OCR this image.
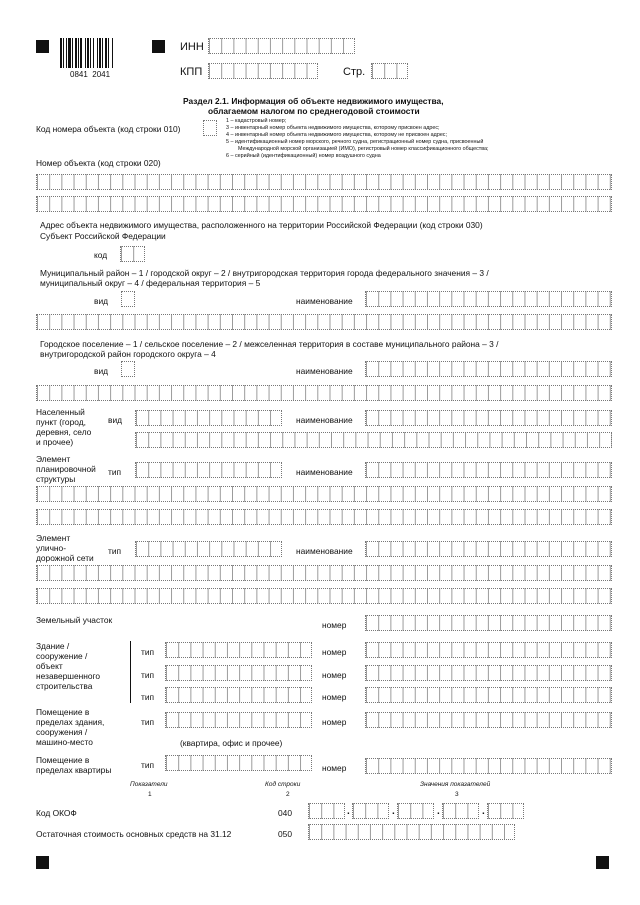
0841  2041
ИНН
КПП	Стр.
Раздел 2.1. Информация об объекте недвижимого имущества,
облагаемом налогом по среднегодовой стоимости
Код номера объекта (код строки 010)
1 – кадастровый номер;
3 – инвентарный номер объекта недвижимого имущества, которому присвоен адрес;
4 – инвентарный номер объекта недвижимого имущества, которому не присвоен адрес;
5 – идентификационный номер морского, речного судна, регистрационный номер судна, присвоенный
Международной морской организацией (ИМО), регистровый номер классификационного общества;
6 – серийный (идентификационный) номер воздушного судна
Номер объекта (код строки 020)
Адрес объекта недвижимого имущества, расположенного на территории Российской Федерации (код строки 030)
Субъект Российской Федерации
код
Муниципальный район – 1 / городской округ – 2 / внутригородская территория города федерального значения – 3 /
муниципальный округ – 4 / федеральная территория – 5
вид	наименование
Городское поселение – 1 / сельское поселение – 2 / межселенная территория в составе муниципального района – 3 /
внутригородской район городского округа – 4
вид	наименование
Населенный
пункт (город,
деревня, село
и прочее)
вид	наименование
Элемент
планировочной
структуры
тип	наименование
Элемент
улично-
дорожной сети
тип	наименование
Земельный участок	номер
Здание /
сооружение /
объект
незавершенного
строительства
тип	номер
тип	номер
тип	номер
Помещение в
пределах здания,
сооружения /
машино-место
тип	номер
(квартира, офис и прочее)
Помещение в
пределах квартиры	тип	номер
Показатели	Код строки	Значения показателей
1	2	3
Код ОКОФ	040	.	.	.	.
Остаточная стоимость основных средств на 31.12	050
